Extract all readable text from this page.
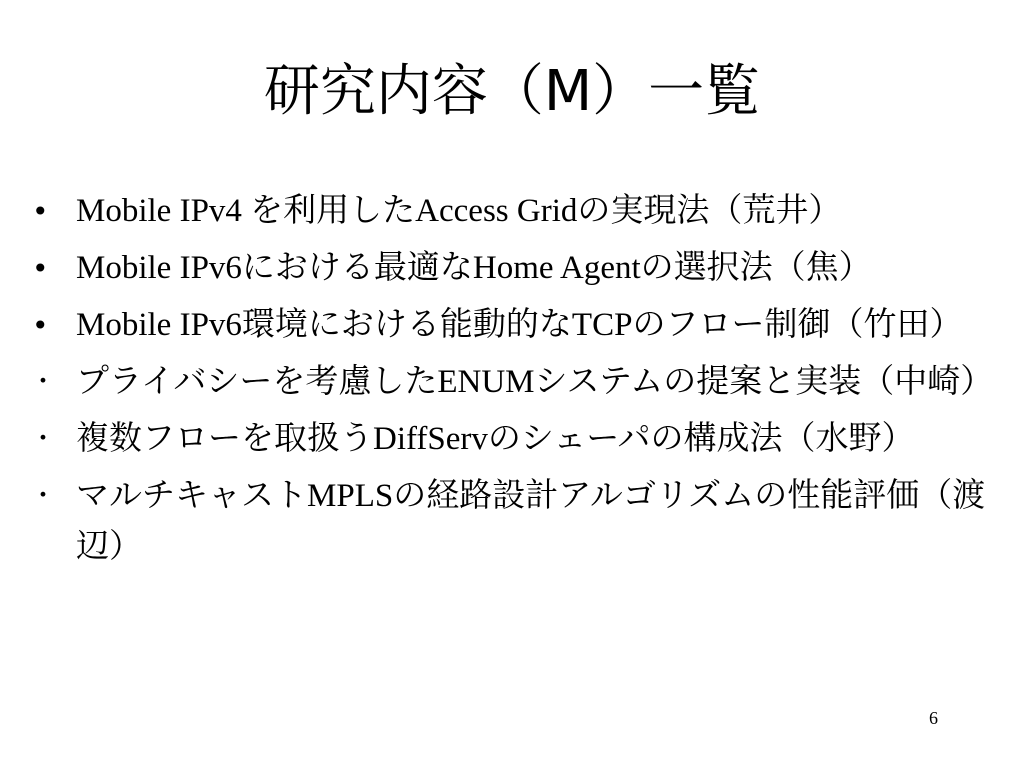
研究内容（M）一覧
• Mobile IPv4 を利用したAccess Gridの実現法（荒井）
• Mobile IPv6における最適なHome Agentの選択法（焦）
• Mobile IPv6環境における能動的なTCPのフロー制御（竹田）
・ プライバシーを考慮したENUMシステムの提案と実装（中崎）
・ 複数フローを取扱うDiffServのシェーパの構成法（水野）
・ マルチキャストMPLSの経路設計アルゴリズムの性能評価（渡辺）
6
